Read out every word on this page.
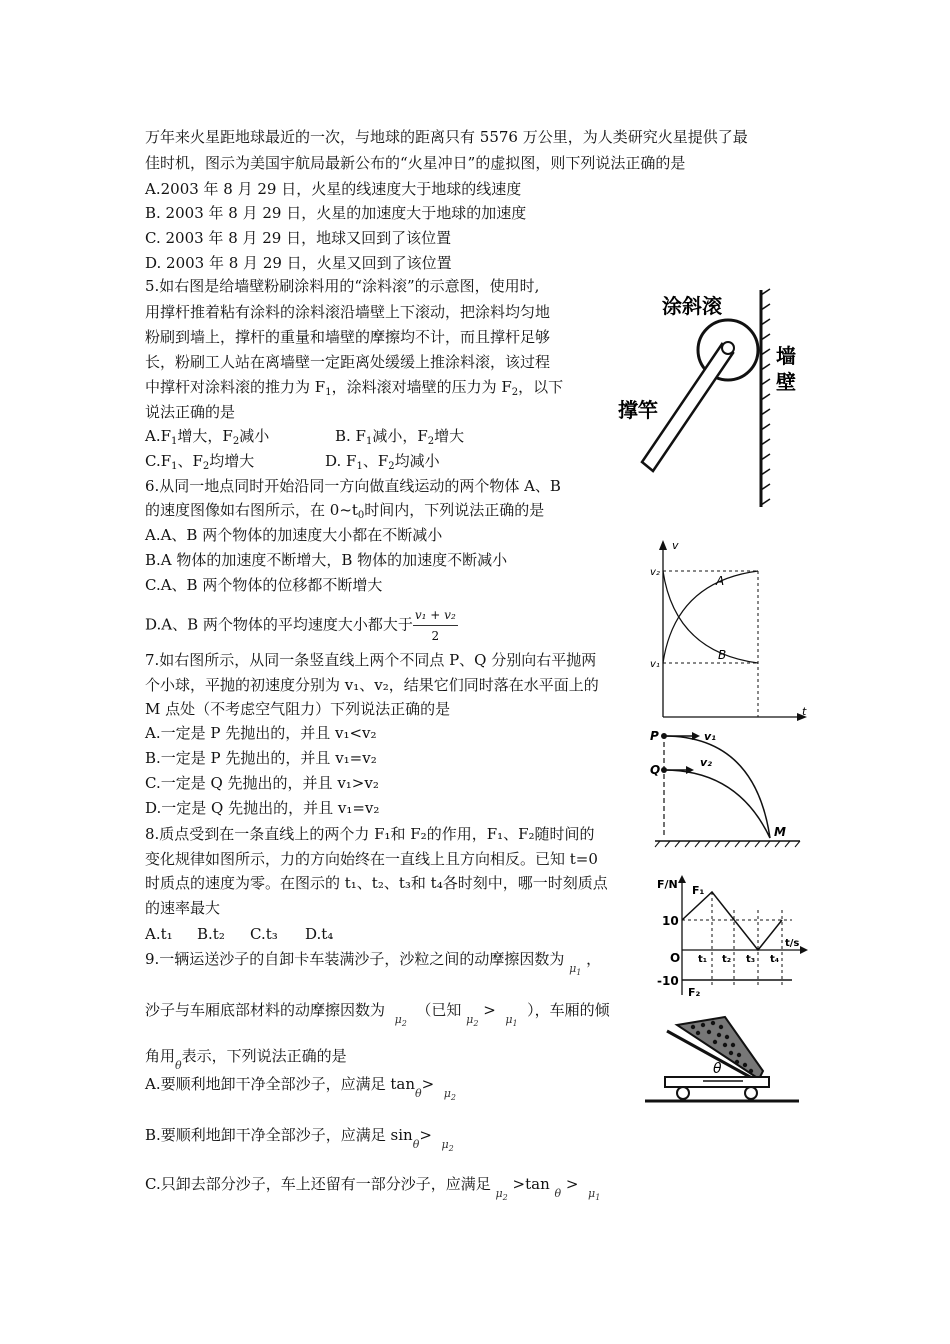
万年来火星距地球最近的一次，与地球的距离只有 5576 万公里，为人类研究火星提供了最
佳时机，图示为美国宇航局最新公布的“火星冲日”的虚拟图，则下列说法正确的是
A.2003 年 8 月 29 日，火星的线速度大于地球的线速度
B. 2003 年 8 月 29 日，火星的加速度大于地球的加速度
C. 2003 年 8 月 29 日，地球又回到了该位置
D. 2003 年 8 月 29 日，火星又回到了该位置
5.如右图是给墙壁粉刷涂料用的“涂料滚”的示意图，使用时,
用撑杆推着粘有涂料的涂料滚沿墙壁上下滚动，把涂料均匀地
粉刷到墙上，撑杆的重量和墙壁的摩擦均不计，而且撑杆足够
长，粉刷工人站在离墙壁一定距离处缓缓上推涂料滚，该过程
中撑杆对涂料滚的推力为 $F_1$，涂料滚对墙壁的压力为 $F_2$，以下
说法正确的是
$A.F_1$增大，$F_2$减小	B. $F_1$减小，$F_2$增大
$C.F_1$、$F_2$均增大	D. $F_1$、$F_2$均减小
6.从同一地点同时开始沿同一方向做直线运动的两个物体 A、B
的速度图像如右图所示，在 $0\sim t_0$时间内，下列说法正确的是
A.A、B 两个物体的加速度大小都在不断减小
B.A 物体的加速度不断增大，B 物体的加速度不断减小
C.A、B 两个物体的位移都不断增大
D.A、B 两个物体的平均速度大小都大于 $\frac{\text{v₁ + v₂}}{2}$
7.如右图所示，从同一条竖直线上两个不同点 P、Q 分别向右平抛两
个小球，平抛的初速度分别为 v₁、v₂，结果它们同时落在水平面上的
M 点处（不考虑空气阻力）下列说法正确的是
A.一定是 P 先抛出的，并且 v₁<v₂
B.一定是 P 先抛出的，并且 v₁=v₂
C.一定是 Q 先抛出的，并且 v₁>v₂
D.一定是 Q 先抛出的，并且 v₁=v₂
8.质点受到在一条直线上的两个力 F₁和 F₂的作用，F₁、F₂随时间的
变化规律如图所示，力的方向始终在一直线上且方向相反。已知 t=0
时质点的速度为零。在图示的 t₁、t₂、t₃和 t₄各时刻中，哪一时刻质点
的速率最大
A.t₁ B.t₂ C.t₃ D.t₄
9.一辆运送沙子的自卸卡车装满沙子，沙粒之间的动摩擦因数为 $_{\mu_1}$ ，
沙子与车厢底部材料的动摩擦因数为  $_{\mu_2}$  （已知 $_{\mu_2}$ >  $_{\mu_1}$  ），车厢的倾
角用$_\theta$表示，下列说法正确的是
A.要顺利地卸干净全部沙子，应满足 $\tan_\theta> _{\mu_2}$
B.要顺利地卸干净全部沙子，应满足 $\sin_\theta> _{\mu_2}$
C.只卸去部分沙子，车上还留有一部分沙子，应满足 $_{\mu_2}$ >tan $_\theta$ >  $_{\mu_1}$
涂斜滚
墙
壁
撑竿
v
t
v₂
v₁
A
B
P
Q
v₁
v₂
M
F/N F₁
F₂
t/s
10
-10
O t₁ t₂ t₃ t₄
θ
